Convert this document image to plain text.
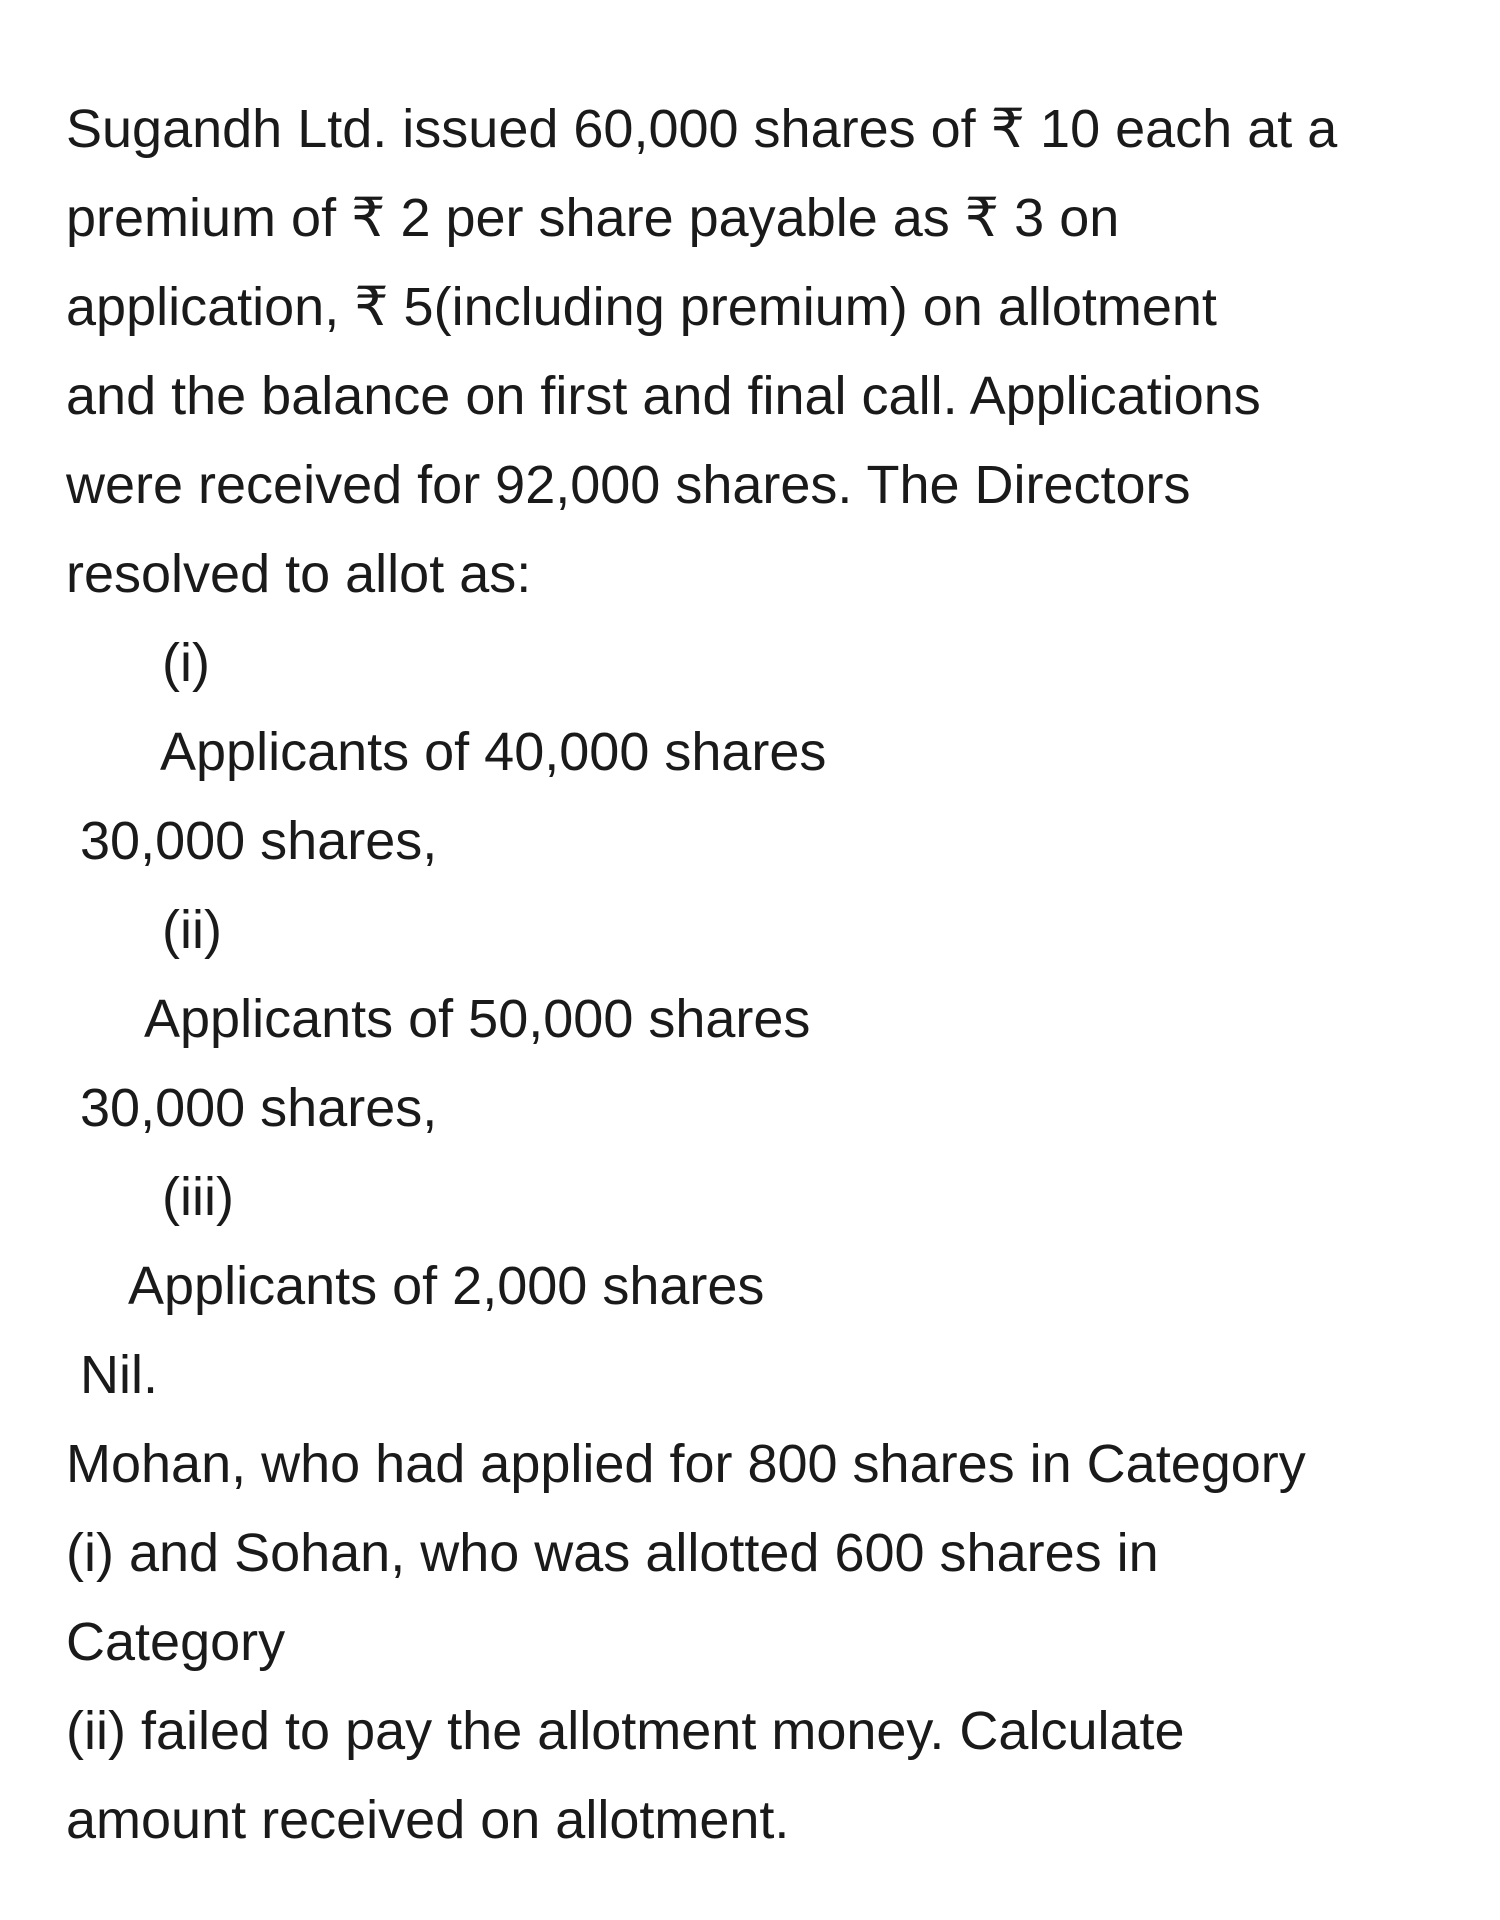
Sugandh Ltd. issued 60,000 shares of ₹ 10 each at a
premium of ₹ 2 per share payable as ₹ 3 on
application, ₹ 5(including premium) on allotment
and the balance on first and final call. Applications
were received for 92,000 shares. The Directors
resolved to allot as:
(i)
Applicants of 40,000 shares
30,000 shares,
(ii)
Applicants of 50,000 shares
30,000 shares,
(iii)
Applicants of 2,000 shares
Nil.
Mohan, who had applied for 800 shares in Category
(i) and Sohan, who was allotted 600 shares in
Category
(ii) failed to pay the allotment money. Calculate
amount received on allotment.
